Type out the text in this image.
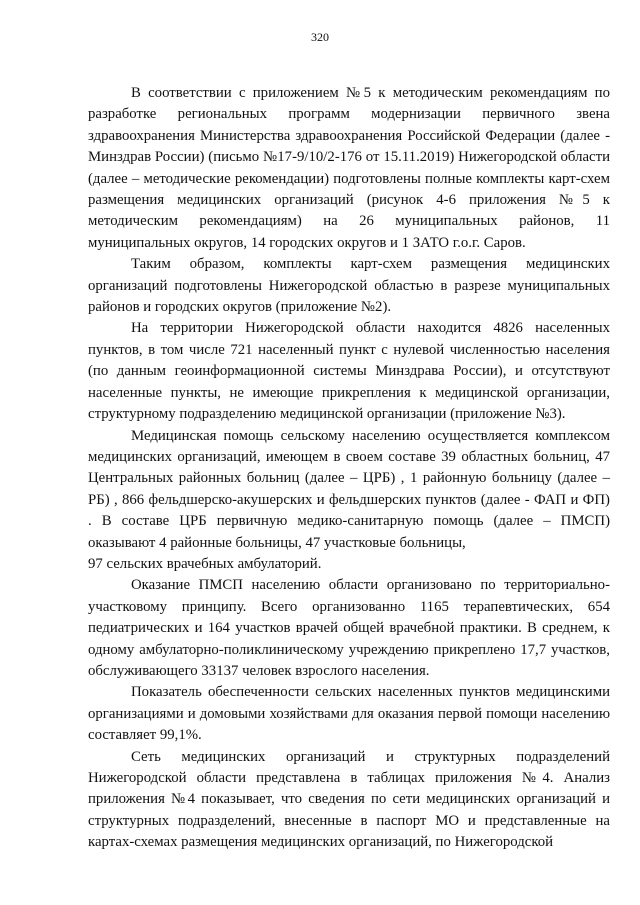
320

В соответствии с приложением №5 к методическим рекомендациям по разработке региональных программ модернизации первичного звена здравоохранения Министерства здравоохранения Российской Федерации (далее - Минздрав России) (письмо №17-9/10/2-176 от 15.11.2019) Нижегородской области (далее – методические рекомендации) подготовлены полные комплекты карт-схем размещения медицинских организаций (рисунок 4-6 приложения №5 к методическим рекомендациям) на 26 муниципальных районов, 11 муниципальных округов, 14 городских округов и 1 ЗАТО г.о.г. Саров.

Таким образом, комплекты карт-схем размещения медицинских организаций подготовлены Нижегородской областью в разрезе муниципальных районов и городских округов (приложение №2).

На территории Нижегородской области находится 4826 населенных пунктов, в том числе 721 населенный пункт с нулевой численностью населения (по данным геоинформационной системы Минздрава России), и отсутствуют населенные пункты, не имеющие прикрепления к медицинской организации, структурному подразделению медицинской организации (приложение №3).

Медицинская помощь сельскому населению осуществляется комплексом медицинских организаций, имеющем в своем составе 39 областных больниц, 47 Центральных районных больниц (далее – ЦРБ) , 1 районную больницу (далее – РБ) , 866 фельдшерско-акушерских и фельдшерских пунктов (далее - ФАП и ФП) . В составе ЦРБ первичную медико-санитарную помощь (далее – ПМСП) оказывают 4 районные больницы, 47 участковые больницы,

97 сельских врачебных амбулаторий.

Оказание ПМСП населению области организовано по территориально-участковому принципу. Всего организованно 1165 терапевтических, 654 педиатрических и 164 участков врачей общей врачебной практики. В среднем, к одному амбулаторно-поликлиническому учреждению прикреплено 17,7 участков, обслуживающего 33137 человек взрослого населения.

Показатель обеспеченности сельских населенных пунктов медицинскими организациями и домовыми хозяйствами для оказания первой помощи населению составляет 99,1%.

Сеть медицинских организаций и структурных подразделений Нижегородской области представлена в таблицах приложения №4. Анализ приложения №4 показывает, что сведения по сети медицинских организаций и структурных подразделений, внесенные в паспорт МО и представленные на картах-схемах размещения медицинских организаций, по Нижегородской
